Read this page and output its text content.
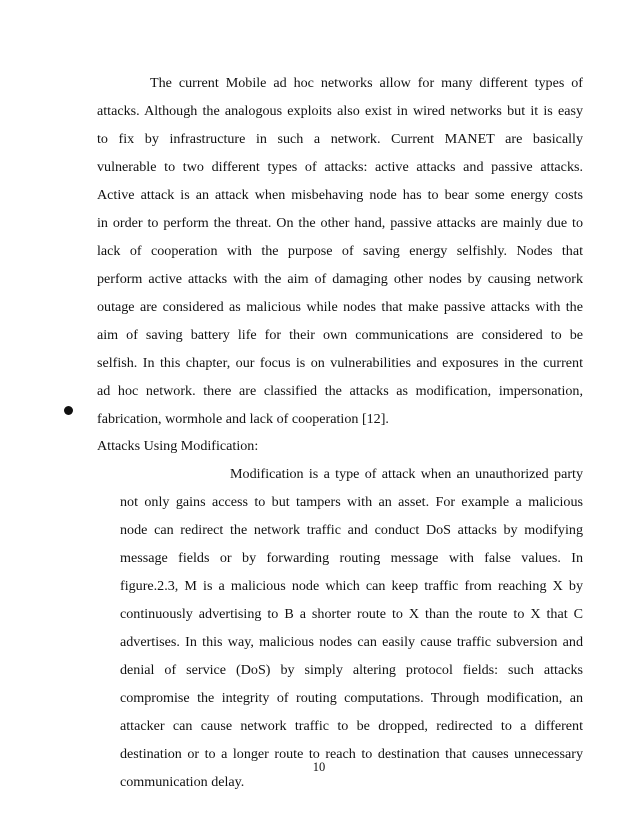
The current Mobile ad hoc networks allow for many different types of
attacks. Although the analogous exploits also exist in wired networks but it is easy
to fix by infrastructure in such a network. Current MANET are basically
vulnerable to two different types of attacks: active attacks and passive attacks.
Active attack is an attack when misbehaving node has to bear some energy costs
in order to perform the threat. On the other hand, passive attacks are mainly due to
lack of cooperation with the purpose of saving energy selfishly. Nodes that
perform active attacks with the aim of damaging other nodes by causing network
outage are considered as malicious while nodes that make passive attacks with the
aim of saving battery life for their own communications are considered to be
selfish. In this chapter, our focus is on vulnerabilities and exposures in the current
ad hoc network. there are classified the attacks as modification, impersonation,
fabrication, wormhole and lack of cooperation [12].
Attacks Using Modification:
Modification is a type of attack when an unauthorized party
not only gains access to but tampers with an asset. For example a malicious
node can redirect the network traffic and conduct DoS attacks by modifying
message fields or by forwarding routing message with false values. In
figure.2.3, M is a malicious node which can keep traffic from reaching X by
continuously advertising to B a shorter route to X than the route to X that C
advertises. In this way, malicious nodes can easily cause traffic subversion and
denial of service (DoS) by simply altering protocol fields: such attacks
compromise the integrity of routing computations. Through modification, an
attacker can cause network traffic to be dropped, redirected to a different
destination or to a longer route to reach to destination that causes unnecessary
communication delay.
10
